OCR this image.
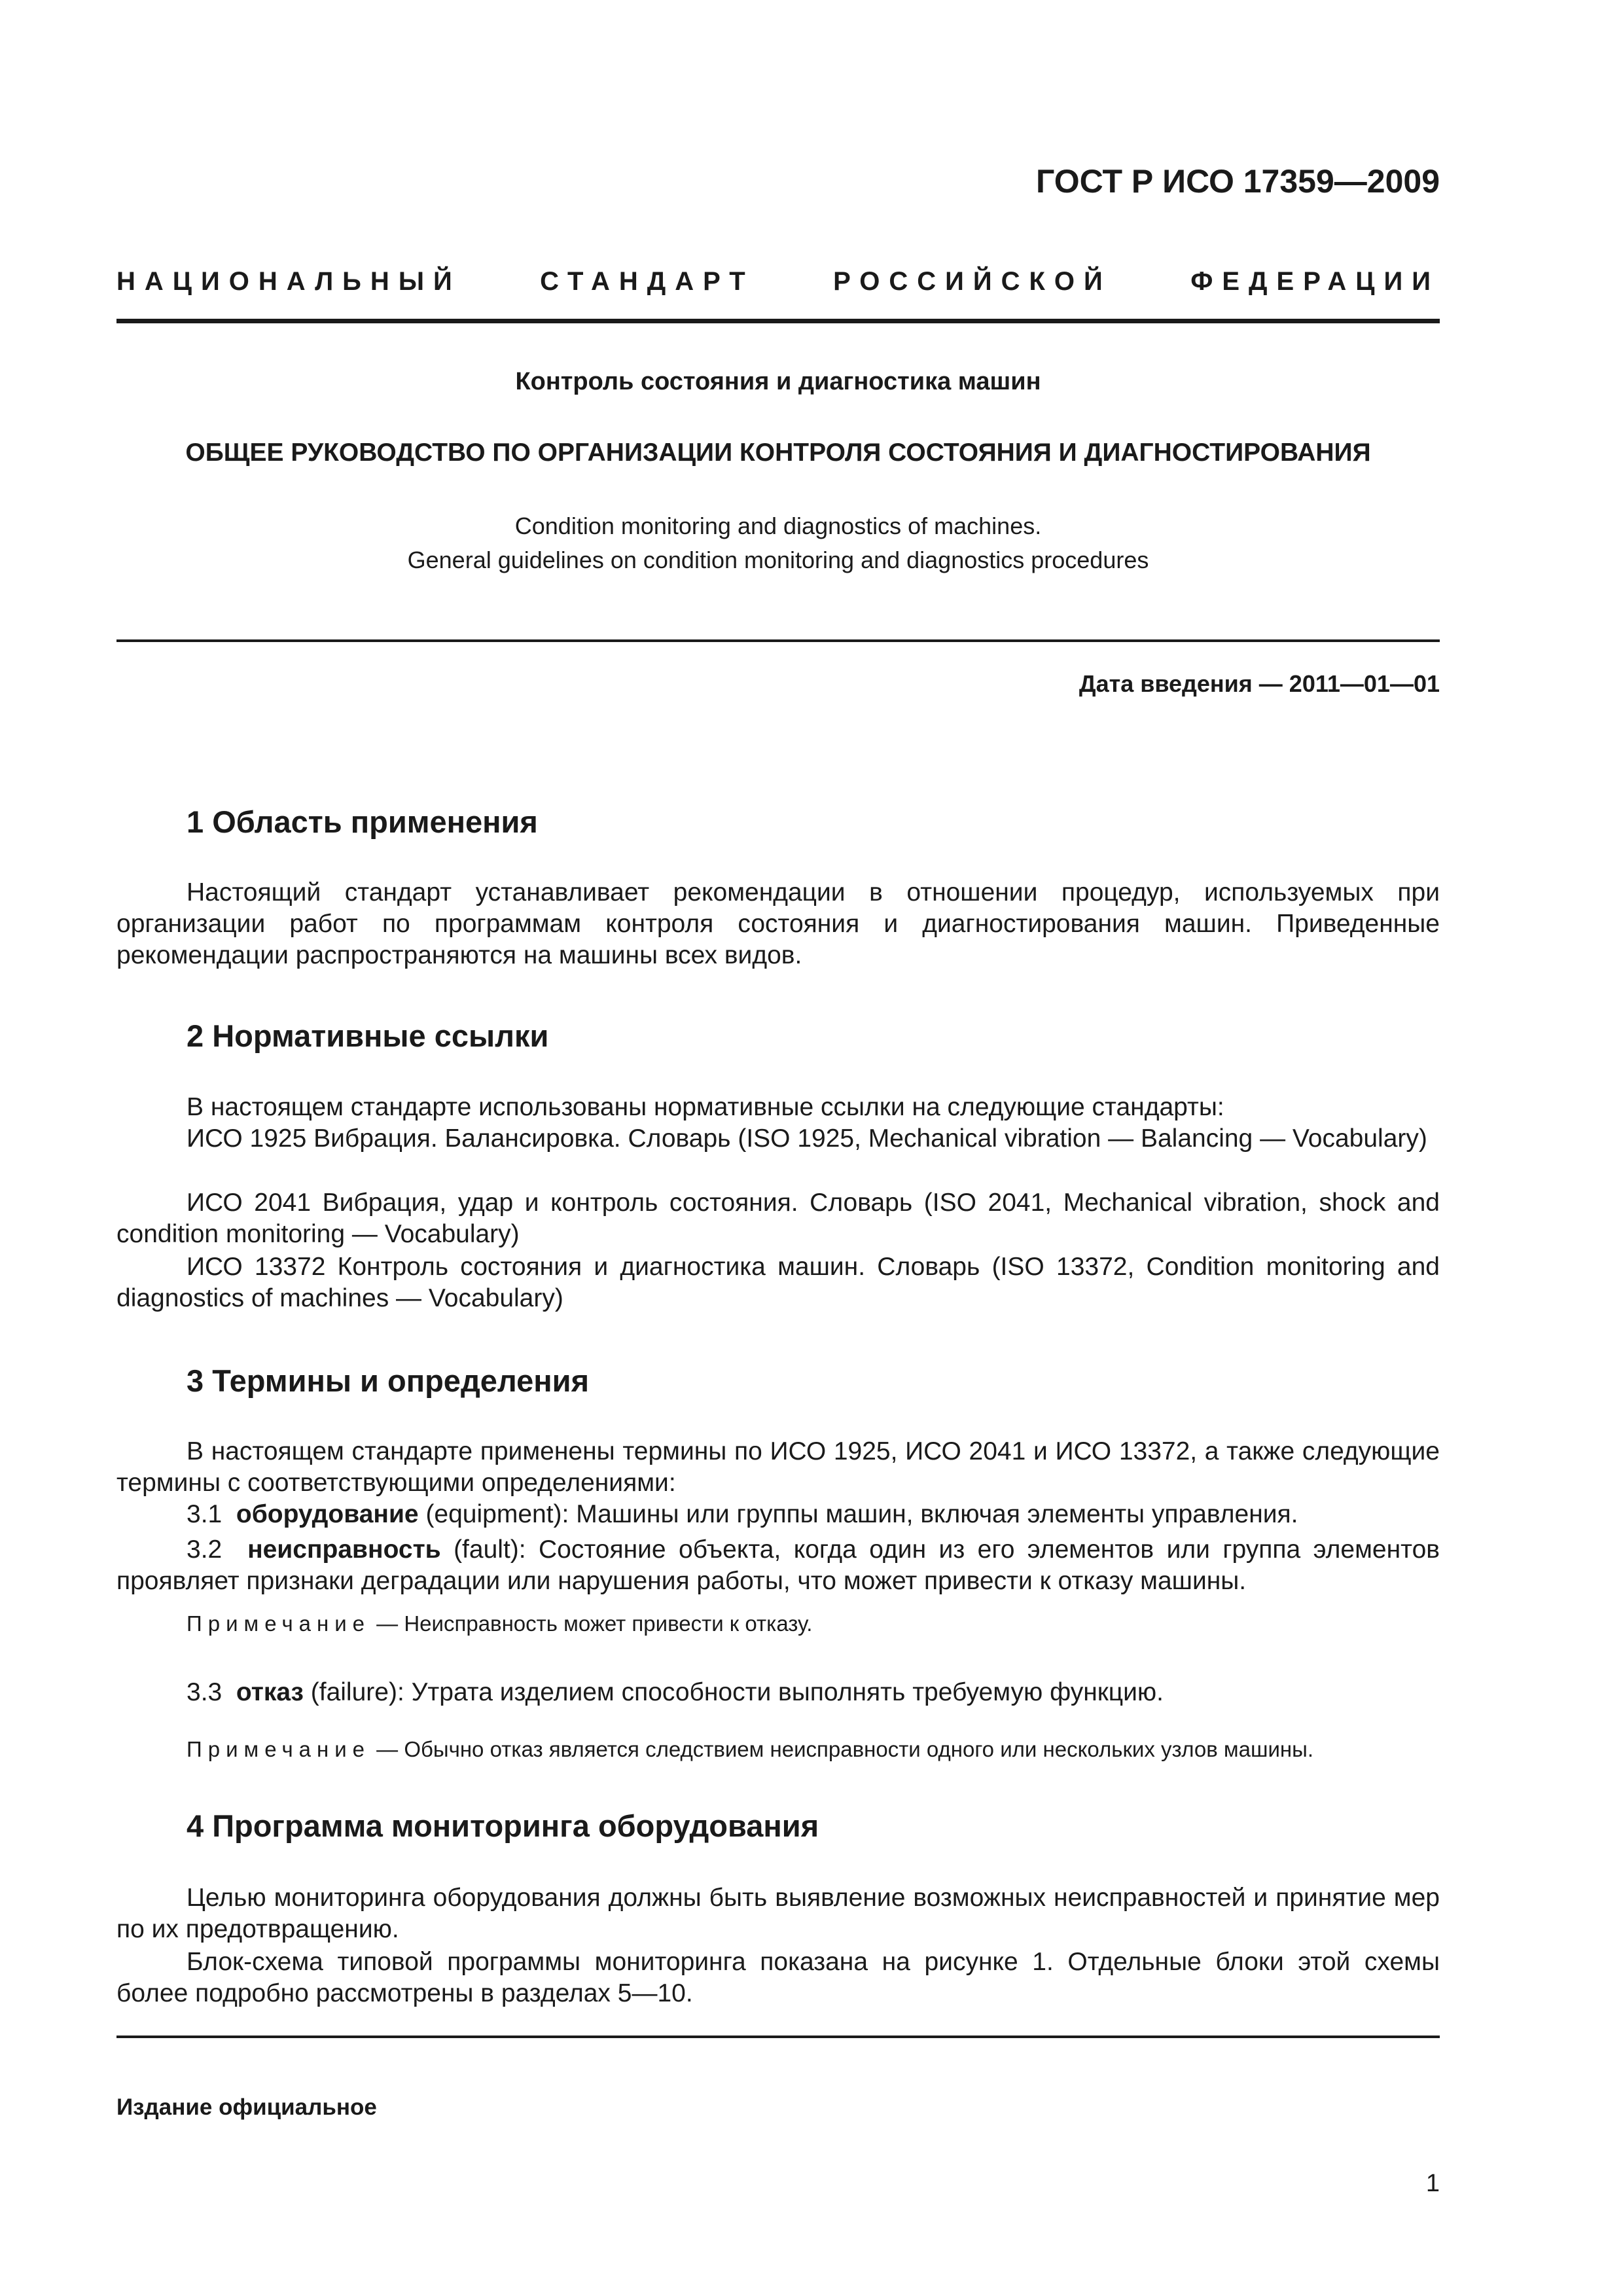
ГОСТ Р ИСО 17359—2009
НАЦИОНАЛЬНЫЙ	СТАНДАРТ	РОССИЙСКОЙ	ФЕДЕРАЦИИ
Контроль состояния и диагностика машин
ОБЩЕЕ РУКОВОДСТВО ПО ОРГАНИЗАЦИИ КОНТРОЛЯ СОСТОЯНИЯ И ДИАГНОСТИРОВАНИЯ
Condition monitoring and diagnostics of machines.
General guidelines on condition monitoring and diagnostics procedures
Дата введения — 2011—01—01
1 Область применения

Настоящий стандарт устанавливает рекомендации в отношении процедур, используемых при организации работ по программам контроля состояния и диагностирования машин. Приведенные рекомендации распространяются на машины всех видов.

2 Нормативные ссылки

В настоящем стандарте использованы нормативные ссылки на следующие стандарты:

ИСО 1925 Вибрация. Балансировка. Словарь (ISO 1925, Mechanical vibration — Balancing — Vocabulary)

ИСО 2041 Вибрация, удар и контроль состояния. Словарь (ISO 2041, Mechanical vibration, shock and condition monitoring — Vocabulary)

ИСО 13372 Контроль состояния и диагностика машин. Словарь (ISO 13372, Condition monitoring and diagnostics of machines — Vocabulary)

3 Термины и определения

В настоящем стандарте применены термины по ИСО 1925, ИСО 2041 и ИСО 13372, а также следующие термины с соответствующими определениями:

3.1 оборудование (equipment): Машины или группы машин, включая элементы управления.

3.2 неисправность (fault): Состояние объекта, когда один из его элементов или группа элементов проявляет признаки деградации или нарушения работы, что может привести к отказу машины.

Примечание — Неисправность может привести к отказу.

3.3 отказ (failure): Утрата изделием способности выполнять требуемую функцию.

Примечание — Обычно отказ является следствием неисправности одного или нескольких узлов машины.
4 Программа мониторинга оборудования

Целью мониторинга оборудования должны быть выявление возможных неисправностей и принятие мер по их предотвращению.

Блок-схема типовой программы мониторинга показана на рисунке 1. Отдельные блоки этой схемы более подробно рассмотрены в разделах 5—10.

Издание официальное
1
